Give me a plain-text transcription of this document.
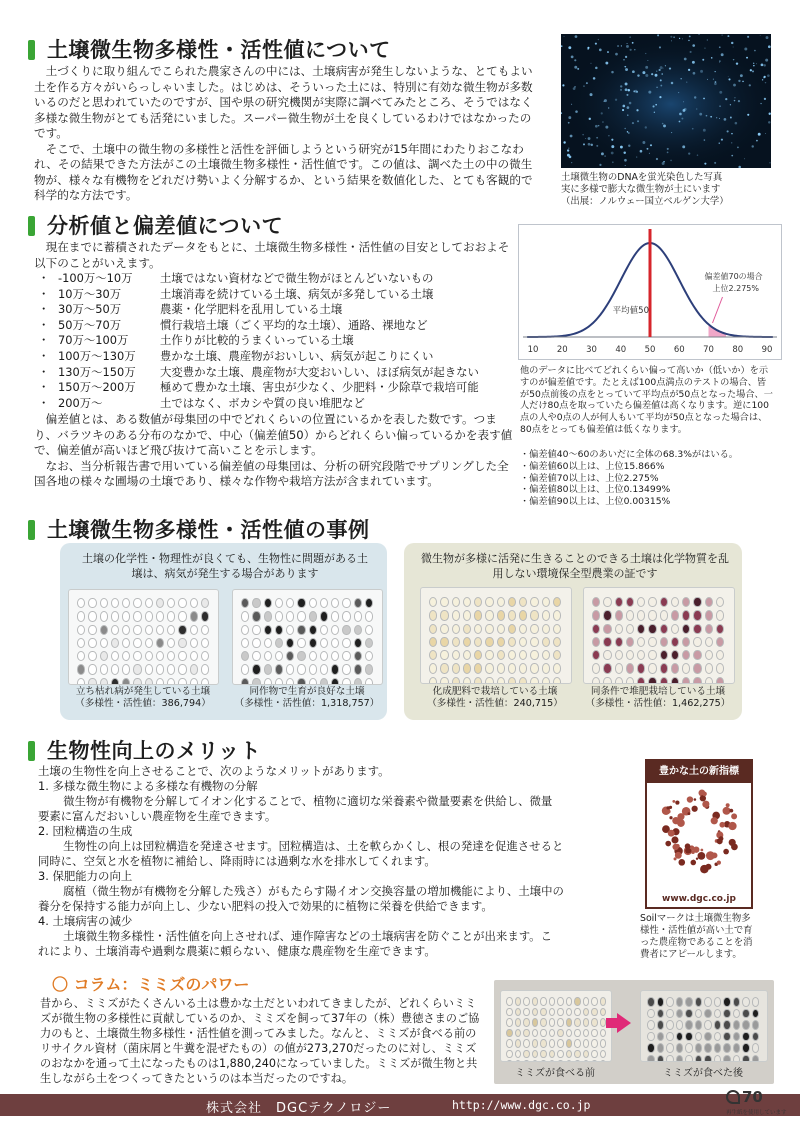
土壌微生物多様性・活性値について

土づくりに取り組んでこられた農家さんの中には、土壌病害が発生しないような、とてもよい土を作る方々がいらっしゃいました。はじめは、そういった土には、特別に有効な微生物が多数いるのだと思われていたのですが、国や県の研究機関が実際に調べてみたところ、そうではなく多様な微生物がとても活発にいました。スーパー微生物が土を良くしているわけではなかったのです。

そこで、土壌中の微生物の多様性と活性を評価しようという研究が15年間にわたりおこなわれ、その結果できた方法がこの土壌微生物多様性・活性値です。この値は、調べた土の中の微生物が、様々な有機物をどれだけ勢いよく分解するか、という結果を数値化した、とても客観的で科学的な方法です。

土壌微生物のDNAを蛍光染色した写真
実に多様で膨大な微生物が土にいます
（出展：ノルウェー国立ベルゲン大学）
分析値と偏差値について

現在までに蓄積されたデータをもとに、土壌微生物多様性・活性値の目安としておおよそ以下のことがいえます。

・ -100万～10万	土壌ではない資材などで微生物がほとんどいないもの
・ 10万～30万	土壌消毒を続けている土壌、病気が多発している土壌
・ 30万～50万	農薬・化学肥料を乱用している土壌
・ 50万～70万	慣行栽培土壌（ごく平均的な土壌）、通路、裸地など
・ 70万～100万	土作りが比較的うまくいっている土壌
・ 100万～130万	豊かな土壌、農産物がおいしい、病気が起こりにくい
・ 130万～150万	大変豊かな土壌、農産物が大変おいしい、ほぼ病気が起きない
・ 150万～200万	極めて豊かな土壌、害虫が少なく、少肥料・少除草で栽培可能
・ 200万～	土ではなく、ボカシや質の良い堆肥など

偏差値とは、ある数値が母集団の中でどれくらいの位置にいるかを表した数です。つまり、バラツキのある分布のなかで、中心（偏差値50）からどれくらい偏っているかを表す値で、偏差値が高いほど飛び抜けて高いことを示します。

なお、当分析報告書で用いている偏差値の母集団は、分析の研究段階でサプリングした全国各地の様々な圃場の土壌であり、様々な作物や栽培方法が含まれています。

10 20 30 40 50 60 70 80 90
平均値50
偏差値70の場合
上位2.275%
他のデータに比べてどれくらい偏って高いか（低いか）を示すのが偏差値です。たとえば100点満点のテストの場合、皆が50点前後の点をとっていて平均点が50点となった場合、一人だけ80点を取っていたら偏差値は高くなります。逆に100点の人や0点の人が何人もいて平均が50点となった場合は、80点をとっても偏差値は低くなります。
・偏差値40～60のあいだに全体の68.3%がはいる。
・偏差値60以上は、上位15.866%
・偏差値70以上は、上位2.275%
・偏差値80以上は、上位0.13499%
・偏差値90以上は、上位0.00315%
土壌微生物多様性・活性値の事例
土壌の化学性・物理性が良くても、生物性に問題がある土壌は、病気が発生する場合があります
微生物が多様に活発に生きることのできる土壌は化学物質を乱用しない環境保全型農業の証です
立ち枯れ病が発生している土壌
（多様性・活性値：386,794）
同作物で生育が良好な土壌
（多様性・活性値：1,318,757）
化成肥料で栽培している土壌
（多様性・活性値：240,715）
同条件で堆肥栽培している土壌
（多様性・活性値：1,462,275）
生物性向上のメリット
土壌の生物性を向上させることで、次のようなメリットがあります。
1. 多様な微生物による多様な有機物の分解
微生物が有機物を分解してイオン化することで、植物に適切な栄養素や微量要素を供給し、微量
要素に富んだおいしい農産物を生産できます。
2. 団粒構造の生成
生物性の向上は団粒構造を発達させます。団粒構造は、土を軟らかくし、根の発達を促進させると
同時に、空気と水を植物に補給し、降雨時には過剰な水を排水してくれます。
3. 保肥能力の向上
腐植（微生物が有機物を分解した残さ）がもたらす陽イオン交換容量の増加機能により、土壌中の
養分を保持する能力が向上し、少ない肥料の投入で効果的に植物に栄養を供給できます。
4. 土壌病害の減少
土壌微生物多様性・活性値を向上させれば、連作障害などの土壌病害を防ぐことが出来ます。こ
れにより、土壌消毒や過剰な農薬に頼らない、健康な農産物を生産できます。
豊かな土の新指標
www.dgc.co.jp
Soilマークは土壌微生物多様性・活性値が高い土で育った農産物であることを消費者にアピールします。
〇 コラム：ミミズのパワー
昔から、ミミズがたくさんいる土は豊かな土だといわれてきましたが、どれくらいミミズが微生物の多様性に貢献しているのか、ミミズを飼って37年の（株）豊徳さまのご協力のもと、土壌微生物多様性・活性値を測ってみました。なんと、ミミズが食べる前のリサイクル資材（菌床屑と牛糞を混ぜたもの）の値が273,270だったのに対し、ミミズのおなかを通って土になったものは1,880,240になっていました。ミミズが微生物と共生しながら土をつくってきたというのは本当だったのですね。	ミミズが食べる前	ミミズが食べた後
株式会社　DGCテクノロジー	http://www.dgc.co.jp	70
再生紙を使用しています
